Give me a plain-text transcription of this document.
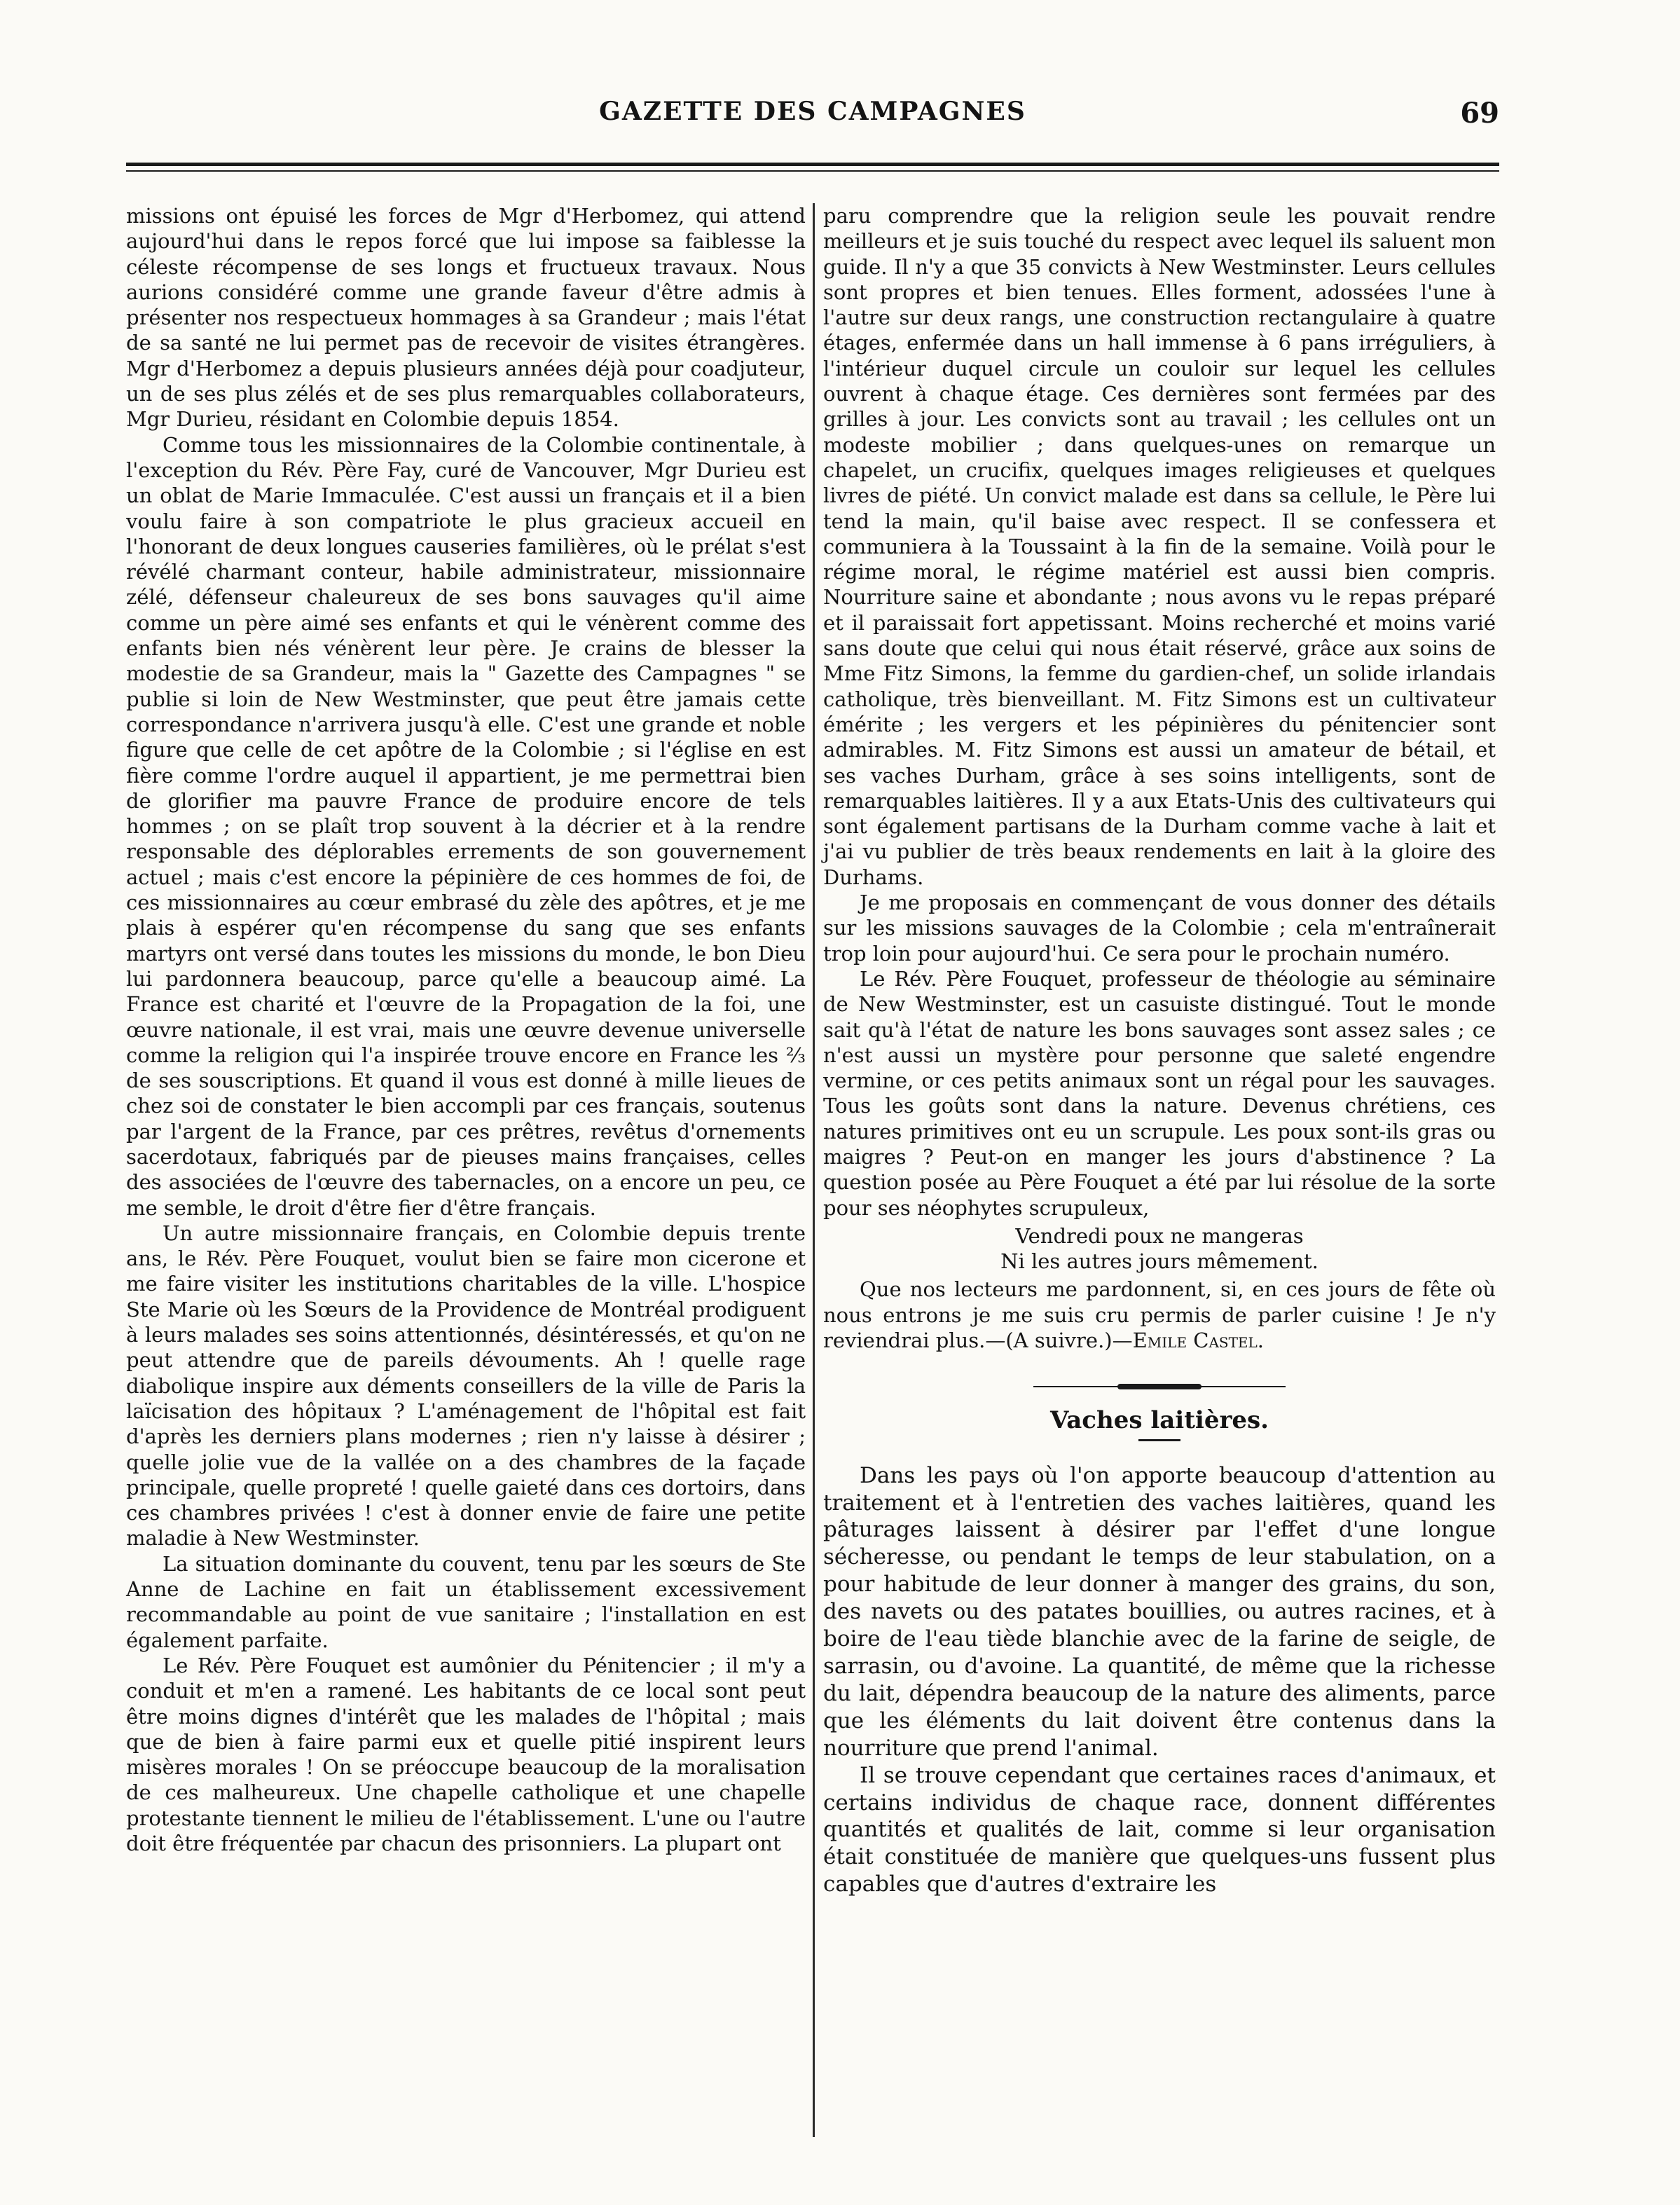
GAZETTE DES CAMPAGNES	69

missions ont épuisé les forces de Mgr d'Herbomez, qui attend aujourd'hui dans le repos forcé que lui impose sa faiblesse la céleste récompense de ses longs et fructueux travaux. Nous aurions considéré comme une grande faveur d'être admis à présenter nos respectueux hommages à sa Grandeur ; mais l'état de sa santé ne lui permet pas de recevoir de visites étrangères. Mgr d'Herbomez a depuis plusieurs années déjà pour coadjuteur, un de ses plus zélés et de ses plus remarquables collaborateurs, Mgr Durieu, résidant en Colombie depuis 1854.

Comme tous les missionnaires de la Colombie continentale, à l'exception du Rév. Père Fay, curé de Vancouver, Mgr Durieu est un oblat de Marie Immaculée. C'est aussi un français et il a bien voulu faire à son compatriote le plus gracieux accueil en l'honorant de deux longues causeries familières, où le prélat s'est révélé charmant conteur, habile administrateur, missionnaire zélé, défenseur chaleureux de ses bons sauvages qu'il aime comme un père aimé ses enfants et qui le vénèrent comme des enfants bien nés vénèrent leur père. Je crains de blesser la modestie de sa Grandeur, mais la " Gazette des Campagnes " se publie si loin de New Westminster, que peut être jamais cette correspondance n'arrivera jusqu'à elle. C'est une grande et noble figure que celle de cet apôtre de la Colombie ; si l'église en est fière comme l'ordre auquel il appartient, je me permettrai bien de glorifier ma pauvre France de produire encore de tels hommes ; on se plaît trop souvent à la décrier et à la rendre responsable des déplorables errements de son gouvernement actuel ; mais c'est encore la pépinière de ces hommes de foi, de ces missionnaires au cœur embrasé du zèle des apôtres, et je me plais à espérer qu'en récompense du sang que ses enfants martyrs ont versé dans toutes les missions du monde, le bon Dieu lui pardonnera beaucoup, parce qu'elle a beaucoup aimé. La France est charité et l'œuvre de la Propagation de la foi, une œuvre nationale, il est vrai, mais une œuvre devenue universelle comme la religion qui l'a inspirée trouve encore en France les ⅔ de ses souscriptions. Et quand il vous est donné à mille lieues de chez soi de constater le bien accompli par ces français, soutenus par l'argent de la France, par ces prêtres, revêtus d'ornements sacerdotaux, fabriqués par de pieuses mains françaises, celles des associées de l'œuvre des tabernacles, on a encore un peu, ce me semble, le droit d'être fier d'être français.

Un autre missionnaire français, en Colombie depuis trente ans, le Rév. Père Fouquet, voulut bien se faire mon cicerone et me faire visiter les institutions charitables de la ville. L'hospice Ste Marie où les Sœurs de la Providence de Montréal prodiguent à leurs malades ses soins attentionnés, désintéressés, et qu'on ne peut attendre que de pareils dévouments. Ah ! quelle rage diabolique inspire aux déments conseillers de la ville de Paris la laïcisation des hôpitaux ? L'aménagement de l'hôpital est fait d'après les derniers plans modernes ; rien n'y laisse à désirer ; quelle jolie vue de la vallée on a des chambres de la façade principale, quelle propreté ! quelle gaieté dans ces dortoirs, dans ces chambres privées ! c'est à donner envie de faire une petite maladie à New Westminster.

La situation dominante du couvent, tenu par les sœurs de Ste Anne de Lachine en fait un établissement excessivement recommandable au point de vue sanitaire ; l'installation en est également parfaite.

Le Rév. Père Fouquet est aumônier du Pénitencier ; il m'y a conduit et m'en a ramené. Les habitants de ce local sont peut être moins dignes d'intérêt que les malades de l'hôpital ; mais que de bien à faire parmi eux et quelle pitié inspirent leurs misères morales ! On se préoccupe beaucoup de la moralisation de ces malheureux. Une chapelle catholique et une chapelle protestante tiennent le milieu de l'établissement. L'une ou l'autre doit être fréquentée par chacun des prisonniers. La plupart ont

paru comprendre que la religion seule les pouvait rendre meilleurs et je suis touché du respect avec lequel ils saluent mon guide. Il n'y a que 35 convicts à New Westminster. Leurs cellules sont propres et bien tenues. Elles forment, adossées l'une à l'autre sur deux rangs, une construction rectangulaire à quatre étages, enfermée dans un hall immense à 6 pans irréguliers, à l'intérieur duquel circule un couloir sur lequel les cellules ouvrent à chaque étage. Ces dernières sont fermées par des grilles à jour. Les convicts sont au travail ; les cellules ont un modeste mobilier ; dans quelques-unes on remarque un chapelet, un crucifix, quelques images religieuses et quelques livres de piété. Un convict malade est dans sa cellule, le Père lui tend la main, qu'il baise avec respect. Il se confessera et communiera à la Toussaint à la fin de la semaine. Voilà pour le régime moral, le régime matériel est aussi bien compris. Nourriture saine et abondante ; nous avons vu le repas préparé et il paraissait fort appetissant. Moins recherché et moins varié sans doute que celui qui nous était réservé, grâce aux soins de Mme Fitz Simons, la femme du gardien-chef, un solide irlandais catholique, très bienveillant. M. Fitz Simons est un cultivateur émérite ; les vergers et les pépinières du pénitencier sont admirables. M. Fitz Simons est aussi un amateur de bétail, et ses vaches Durham, grâce à ses soins intelligents, sont de remarquables laitières. Il y a aux Etats-Unis des cultivateurs qui sont également partisans de la Durham comme vache à lait et j'ai vu publier de très beaux rendements en lait à la gloire des Durhams.

Je me proposais en commençant de vous donner des détails sur les missions sauvages de la Colombie ; cela m'entraînerait trop loin pour aujourd'hui. Ce sera pour le prochain numéro.

Le Rév. Père Fouquet, professeur de théologie au séminaire de New Westminster, est un casuiste distingué. Tout le monde sait qu'à l'état de nature les bons sauvages sont assez sales ; ce n'est aussi un mystère pour personne que saleté engendre vermine, or ces petits animaux sont un régal pour les sauvages. Tous les goûts sont dans la nature. Devenus chrétiens, ces natures primitives ont eu un scrupule. Les poux sont-ils gras ou maigres ? Peut-on en manger les jours d'abstinence ? La question posée au Père Fouquet a été par lui résolue de la sorte pour ses néophytes scrupuleux,

Vendredi poux ne mangeras
Ni les autres jours mêmement.

Que nos lecteurs me pardonnent, si, en ces jours de fête où nous entrons je me suis cru permis de parler cuisine ! Je n'y reviendrai plus.—(A suivre.)—Emile Castel.

Vaches laitières.

Dans les pays où l'on apporte beaucoup d'attention au traitement et à l'entretien des vaches laitières, quand les pâturages laissent à désirer par l'effet d'une longue sécheresse, ou pendant le temps de leur stabulation, on a pour habitude de leur donner à manger des grains, du son, des navets ou des patates bouillies, ou autres racines, et à boire de l'eau tiède blanchie avec de la farine de seigle, de sarrasin, ou d'avoine. La quantité, de même que la richesse du lait, dépendra beaucoup de la nature des aliments, parce que les éléments du lait doivent être contenus dans la nourriture que prend l'animal.

Il se trouve cependant que certaines races d'animaux, et certains individus de chaque race, donnent différentes quantités et qualités de lait, comme si leur organisation était constituée de manière que quelques-uns fussent plus capables que d'autres d'extraire les
